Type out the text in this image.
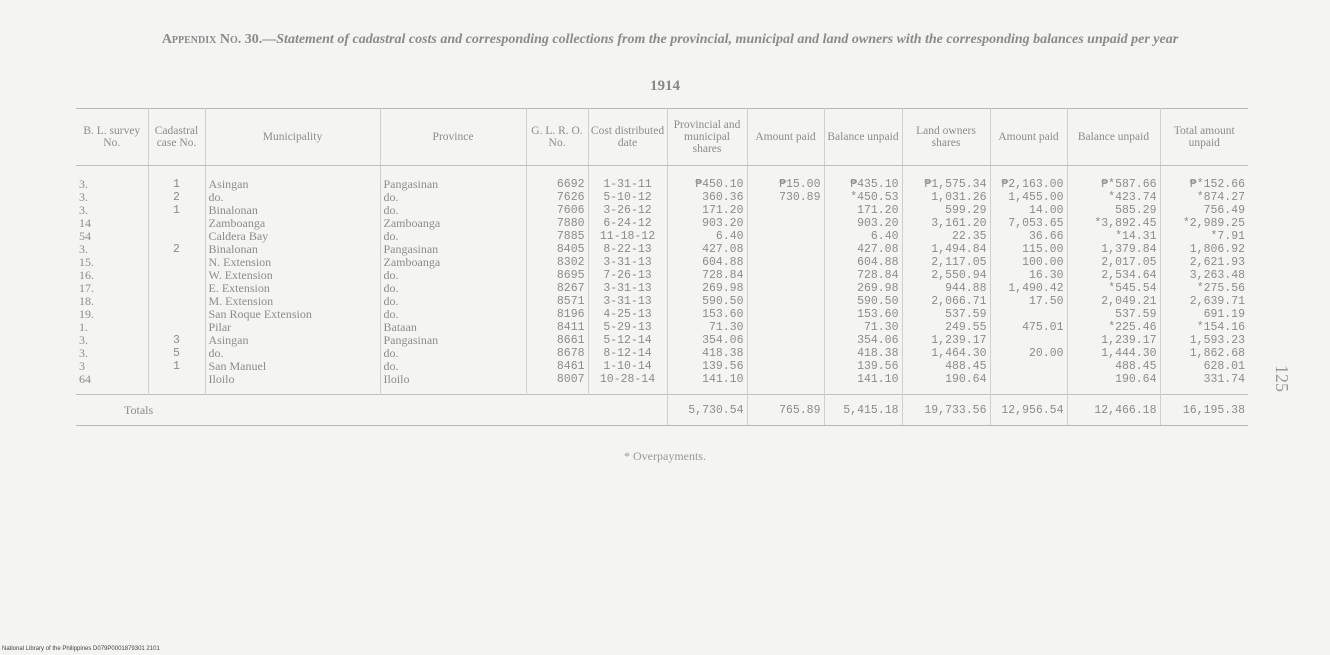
Appendix No. 30.—Statement of cadastral costs and corresponding collections from the provincial, municipal and land owners with the corresponding balances unpaid per year
1914
B. L. survey No.	Cadastral case No.	Municipality	Province	G. L. R. O. No.	Cost distributed date	Provincial and municipal shares	Amount paid	Balance unpaid	Land owners shares	Amount paid	Balance unpaid	Total amount unpaid
3.	1	Asingan	Pangasinan	6692	1-31-11	₱450.10	₱15.00	₱435.10	₱1,575.34	₱2,163.00	₱*587.66	₱*152.66
3.	2	do.	do.	7626	5-10-12	360.36	730.89	*450.53	1,031.26	1,455.00	*423.74	*874.27
3.	1	Binalonan	do.	7606	3-26-12	171.20		171.20	599.29	14.00	585.29	756.49
14		Zamboanga	Zamboanga	7880	6-24-12	903.20		903.20	3,161.20	7,053.65	*3,892.45	*2,989.25
54		Caldera Bay	do.	7885	11-18-12	6.40		6.40	22.35	36.66	*14.31	*7.91
3.	2	Binalonan	Pangasinan	8405	8-22-13	427.08		427.08	1,494.84	115.00	1,379.84	1,806.92
15.		N. Extension	Zamboanga	8302	3-31-13	604.88		604.88	2,117.05	100.00	2,017.05	2,621.93
16.		W. Extension	do.	8695	7-26-13	728.84		728.84	2,550.94	16.30	2,534.64	3,263.48
17.		E. Extension	do.	8267	3-31-13	269.98		269.98	944.88	1,490.42	*545.54	*275.56
18.		M. Extension	do.	8571	3-31-13	590.50		590.50	2,066.71	17.50	2,049.21	2,639.71
19.		San Roque Extension	do.	8196	4-25-13	153.60		153.60	537.59		537.59	691.19
1.		Pilar	Bataan	8411	5-29-13	71.30		71.30	249.55	475.01	*225.46	*154.16
3.	3	Asingan	Pangasinan	8661	5-12-14	354.06		354.06	1,239.17		1,239.17	1,593.23
3.	5	do.	do.	8678	8-12-14	418.38		418.38	1,464.30	20.00	1,444.30	1,862.68
3	1	San Manuel	do.	8461	1-10-14	139.56		139.56	488.45		488.45	628.01
64		Iloilo	Iloilo	8007	10-28-14	141.10		141.10	190.64		190.64	331.74
Totals						5,730.54	765.89	5,415.18	19,733.56	12,956.54	12,466.18	16,195.38
* Overpayments.
125
National Library of the Philippines D079P0001879301 2101
